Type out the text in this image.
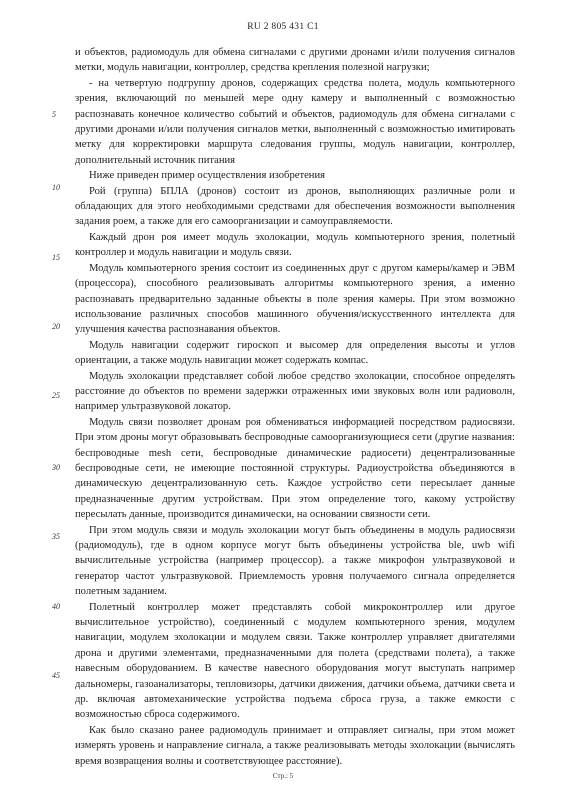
RU 2 805 431 C1

и объектов, радиомодуль для обмена сигналами с другими дронами и/или получения сигналов метки, модуль навигации, контроллер, средства крепления полезной нагрузки;

- на четвертую подгруппу дронов, содержащих средства полета, модуль компьютерного зрения, включающий по меньшей мере одну камеру и выполненный с возможностью распознавать конечное количество событий и объектов, радиомодуль для обмена сигналами с другими дронами и/или получения сигналов метки, выполненный с возможностью имитировать метку для корректировки маршрута следования группы, модуль навигации, контроллер, дополнительный источник питания

Ниже приведен пример осуществления изобретения

Рой (группа) БПЛА (дронов) состоит из дронов, выполняющих различные роли и обладающих для этого необходимыми средствами для обеспечения возможности выполнения задания роем, а также для его самоорганизации и самоуправляемости.

Каждый дрон роя имеет модуль эхолокации, модуль компьютерного зрения, полетный контроллер и модуль навигации и модуль связи.

Модуль компьютерного зрения состоит из соединенных друг с другом камеры/камер и ЭВМ (процессора), способного реализовывать алгоритмы компьютерного зрения, а именно распознавать предварительно заданные объекты в поле зрения камеры. При этом возможно использование различных способов машинного обучения/искусственного интеллекта для улучшения качества распознавания объектов.

Модуль навигации содержит гироскоп и высомер для определения высоты и углов ориентации, а также модуль навигации может содержать компас.

Модуль эхолокации представляет собой любое средство эхолокации, способное определять расстояние до объектов по времени задержки отраженных ими звуковых волн или радиоволн, например ультразвуковой локатор.

Модуль связи позволяет дронам роя обмениваться информацией посредством радиосвязи. При этом дроны могут образовывать беспроводные самоорганизующиеся сети (другие названия: беспроводные mesh сети, беспроводные динамические радиосети) децентрализованные беспроводные сети, не имеющие постоянной структуры. Радиоустройства объединяются в динамическую децентрализованную сеть. Каждое устройство сети пересылает данные предназначенные другим устройствам. При этом определение того, какому устройству пересылать данные, производится динамически, на основании связности сети.

При этом модуль связи и модуль эхолокации могут быть объединены в модуль радиосвязи (радиомодуль), где в одном корпусе могут быть объединены устройства ble, uwb wifi вычислительные устройства (например процессор). а также микрофон ультразвуковой и генератор частот ультразвуковой. Приемлемость уровня получаемого сигнала определяется полетным заданием.

Полетный контроллер может представлять собой микроконтроллер или другое вычислительное устройство), соединенный с модулем компьютерного зрения, модулем навигации, модулем эхолокации и модулем связи. Также контроллер управляет двигателями дрона и другими элементами, предназначенными для полета (средствами полета), а также навесным оборудованием. В качестве навесного оборудования могут выступать например дальномеры, газоанализаторы, тепловизоры, датчики движения, датчики объема, датчики света и др. включая автомеханические устройства подъема сброса груза, а также емкости с возможностью сброса содержимого.

Как было сказано ранее радиомодуль принимает и отправляет сигналы, при этом может измерять уровень и направление сигнала, а также реализовывать методы эхолокации (вычислять время возвращения волны и соответствующее расстояние).

5
10
15
20
25
30
35
40
45
Стр.: 5
